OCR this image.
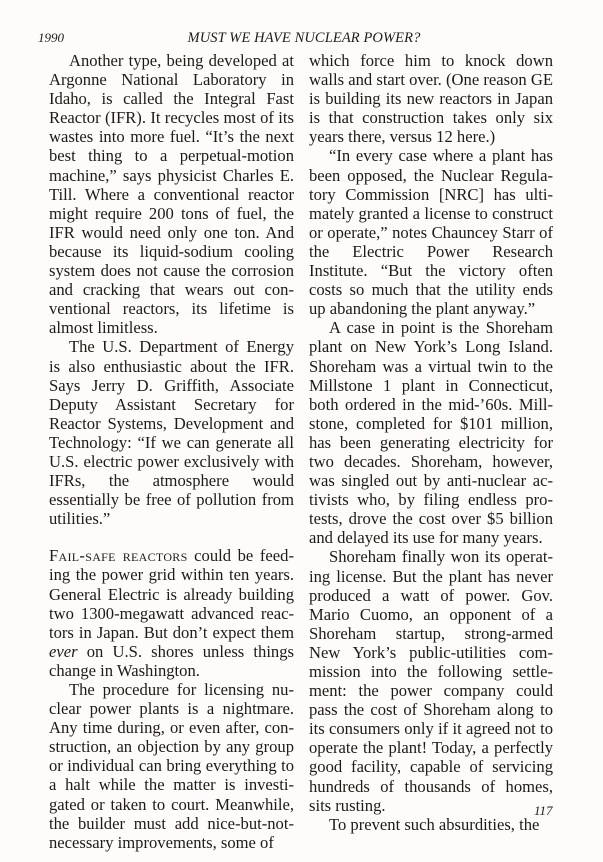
1990	MUST WE HAVE NUCLEAR POWER?

Another type, being developed at Argonne National Laboratory in Idaho, is called the Integral Fast Reactor (IFR). It recycles most of its wastes into more fuel. “It’s the next best thing to a perpetual-motion machine,” says physicist Charles E. Till. Where a conventional reactor might require 200 tons of fuel, the IFR would need only one ton. And because its liquid-sodium cooling system does not cause the corrosion and cracking that wears out conventional reactors, its lifetime is almost limitless.

The U.S. Department of Energy is also enthusiastic about the IFR. Says Jerry D. Griffith, Associate Deputy Assistant Secretary for Reactor Systems, Development and Technology: “If we can generate all U.S. electric power exclusively with IFRs, the atmosphere would essentially be free of pollution from utilities.”

Fail-safe reactors could be feeding the power grid within ten years. General Electric is already building two 1300-megawatt advanced reactors in Japan. But don’t expect them ever on U.S. shores unless things change in Washington.

The procedure for licensing nuclear power plants is a nightmare. Any time during, or even after, construction, an objection by any group or individual can bring everything to a halt while the matter is investigated or taken to court. Meanwhile, the builder must add nice-but-not-necessary improvements, some of

which force him to knock down walls and start over. (One reason GE is building its new reactors in Japan is that construction takes only six years there, versus 12 here.)

“In every case where a plant has been opposed, the Nuclear Regulatory Commission [NRC] has ultimately granted a license to construct or operate,” notes Chauncey Starr of the Electric Power Research Institute. “But the victory often costs so much that the utility ends up abandoning the plant anyway.”

A case in point is the Shoreham plant on New York’s Long Island. Shoreham was a virtual twin to the Millstone 1 plant in Connecticut, both ordered in the mid-’60s. Millstone, completed for $101 million, has been generating electricity for two decades. Shoreham, however, was singled out by anti-nuclear activists who, by filing endless protests, drove the cost over $5 billion and delayed its use for many years.

Shoreham finally won its operating license. But the plant has never produced a watt of power. Gov. Mario Cuomo, an opponent of a Shoreham startup, strong-armed New York’s public-utilities commission into the following settlement: the power company could pass the cost of Shoreham along to its consumers only if it agreed not to operate the plant! Today, a perfectly good facility, capable of servicing hundreds of thousands of homes, sits rusting.

To prevent such absurdities, the

117
